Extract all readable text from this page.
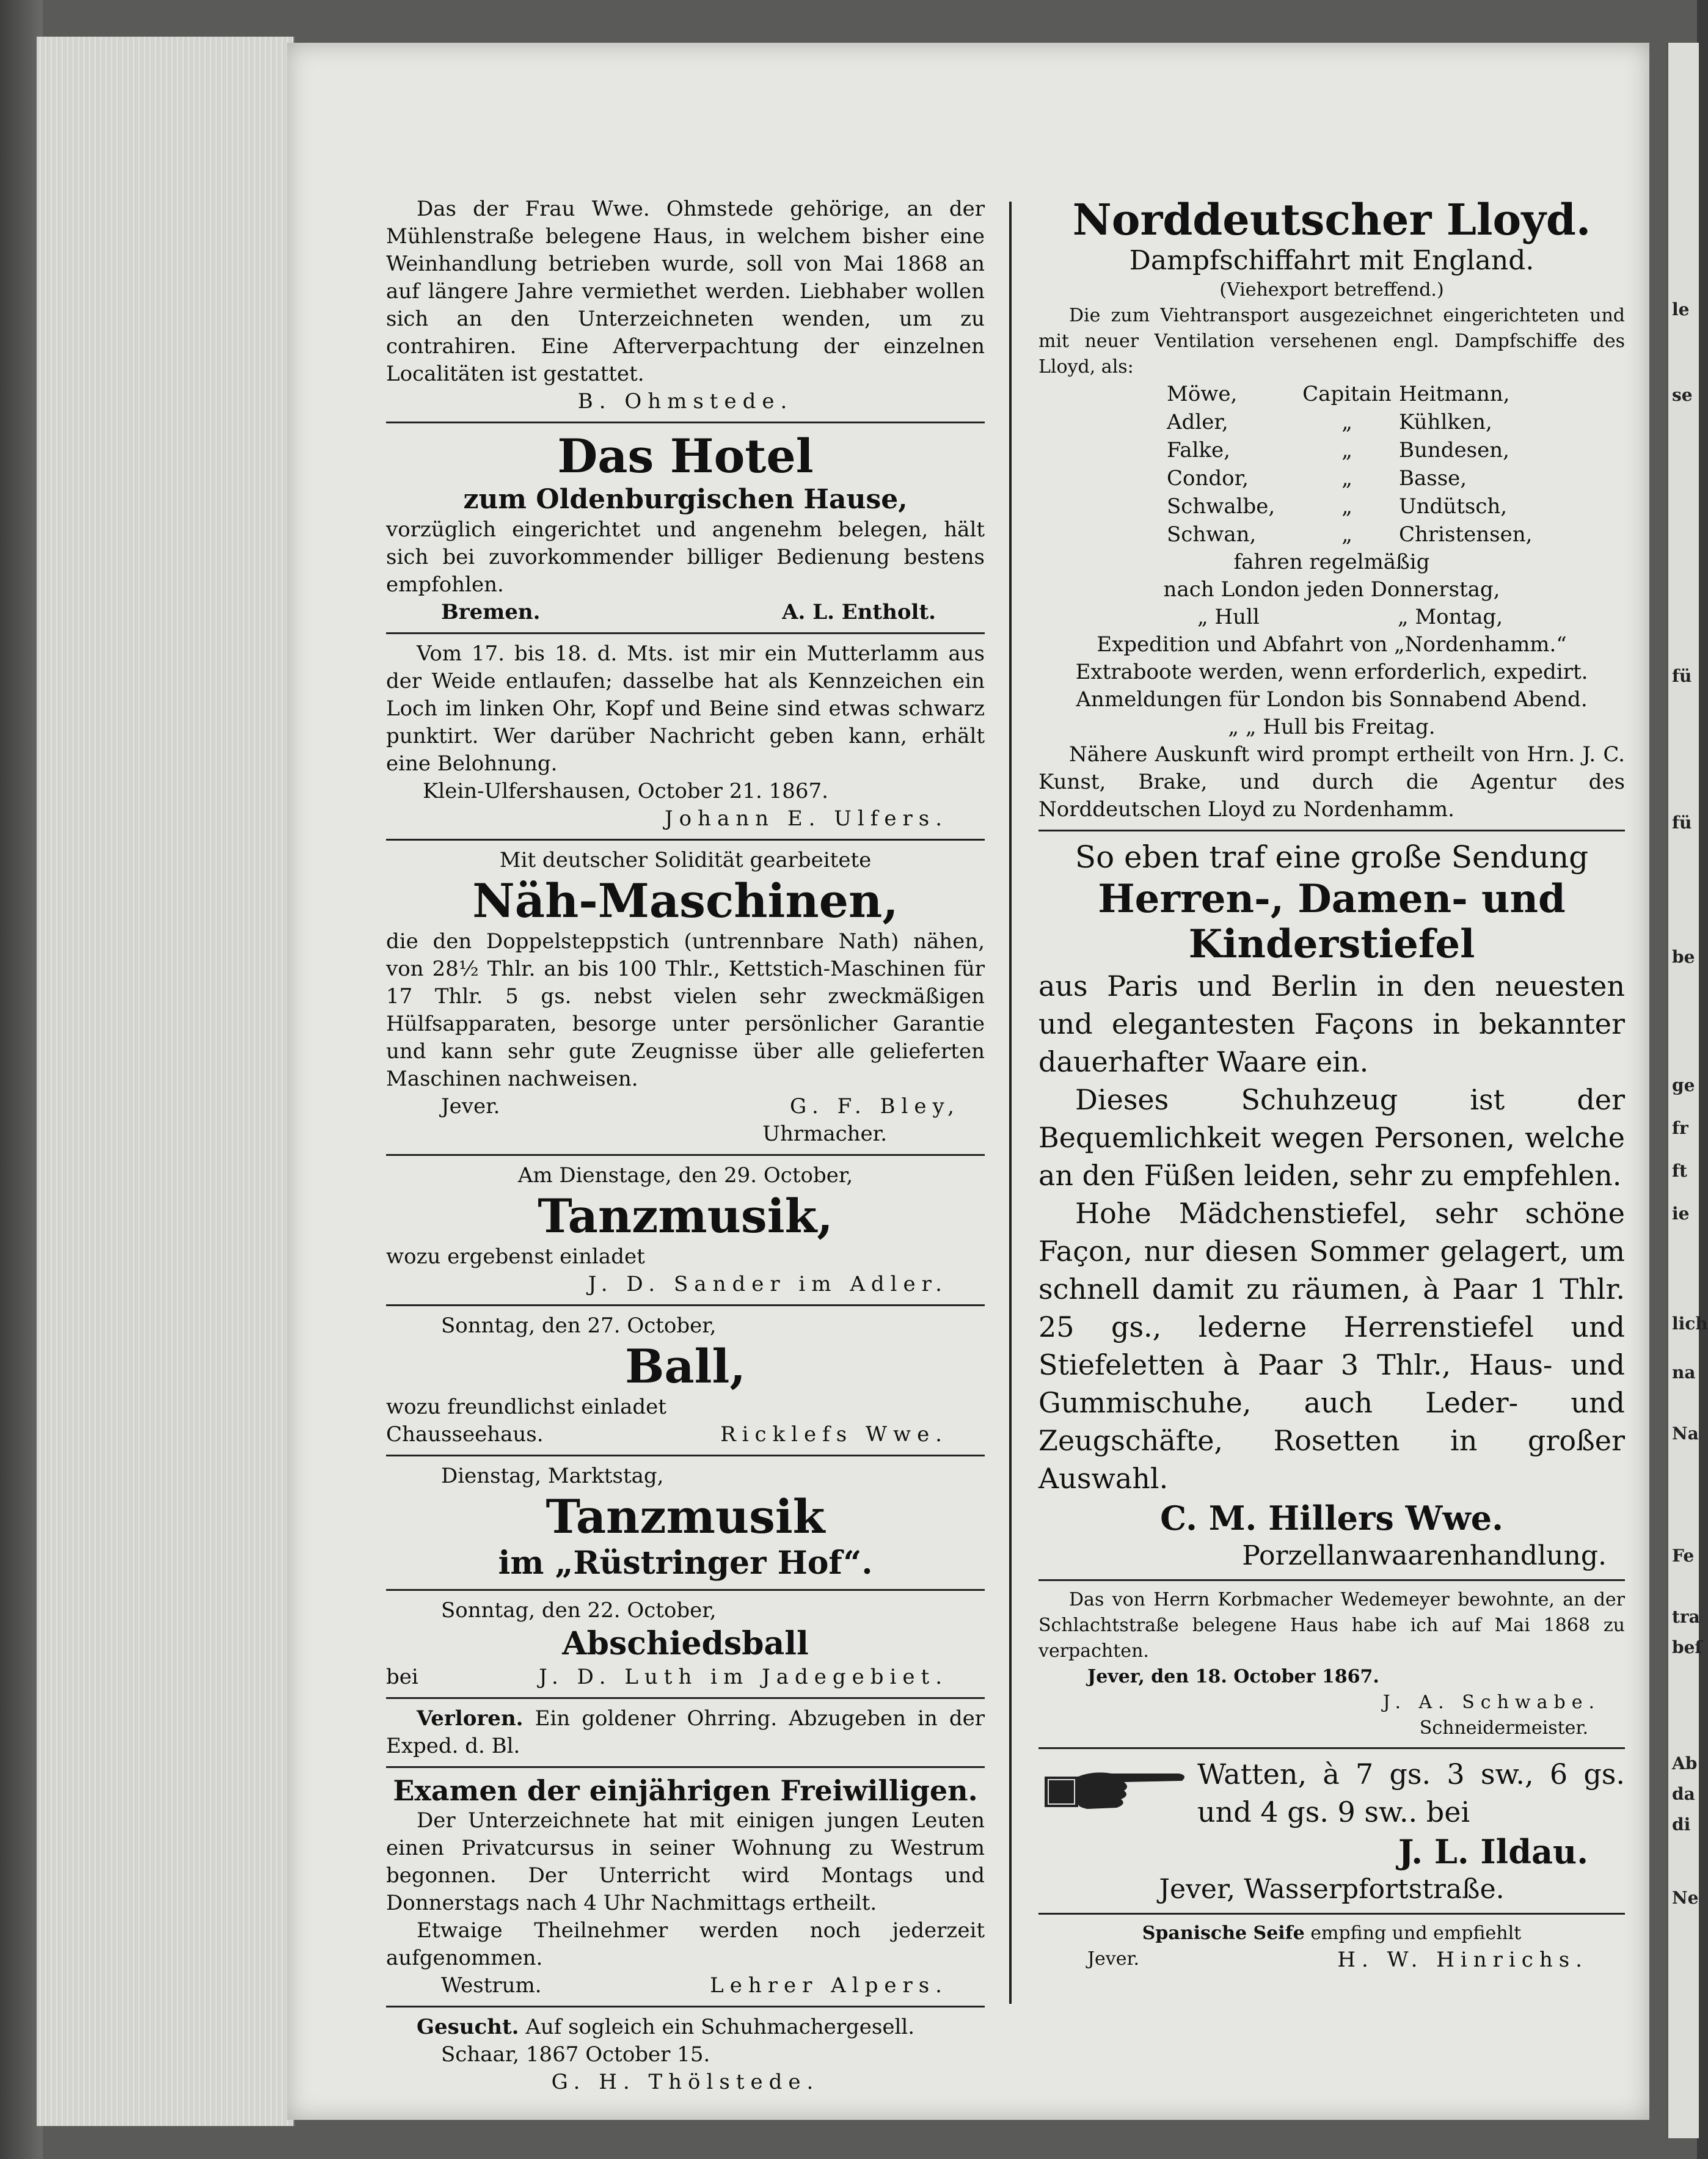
le
se
fü
fü
be
ge
fr
ft
ie
lich
na
Na
Fe
tra
beſ
Ab
da
di
Ne

Das der Frau Wwe. Ohmstede gehörige, an der Mühlenstraße belegene Haus, in welchem bisher eine Weinhandlung betrieben wurde, soll von Mai 1868 an auf längere Jahre vermiethet werden. Liebhaber wollen sich an den Unterzeichneten wenden, um zu contrahiren. Eine Afterverpachtung der einzelnen Localitäten ist gestattet.

B. Ohmstede.
Das Hotel
zum Oldenburgischen Hause,

vorzüglich eingerichtet und angenehm belegen, hält sich bei zuvorkommender billiger Bedienung bestens empfohlen.

Bremen.	A. L. Entholt.

Vom 17. bis 18. d. Mts. ist mir ein Mutterlamm aus der Weide entlaufen; dasselbe hat als Kennzeichen ein Loch im linken Ohr, Kopf und Beine sind etwas schwarz punktirt. Wer darüber Nachricht geben kann, erhält eine Belohnung.

Klein-Ulfershausen, October 21. 1867.
Johann E. Ulfers.
Mit deutscher Solidität gearbeitete
Näh-Maschinen,

die den Doppelsteppstich (untrennbare Nath) nähen, von 28½ Thlr. an bis 100 Thlr., Kettstich-Maschinen für 17 Thlr. 5 gs. nebst vielen sehr zweckmäßigen Hülfsapparaten, besorge unter persönlicher Garantie und kann sehr gute Zeugnisse über alle gelieferten Maschinen nachweisen.

Jever.	G. F. Bley,
Uhrmacher.
Am Dienstage, den 29. October,
Tanzmusik,
wozu ergebenst einladet
J. D. Sander im Adler.
Sonntag, den 27. October,
Ball,
wozu freundlichst einladet
Chausseehaus.	Ricklefs Wwe.
Dienstag, Marktstag,
Tanzmusik
im „Rüstringer Hof“.
Sonntag, den 22. October,
Abschiedsball
bei	J. D. Luth im Jadegebiet.

Verloren. Ein goldener Ohrring. Abzugeben in der Exped. d. Bl.

Examen der einjährigen Freiwilligen.

Der Unterzeichnete hat mit einigen jungen Leuten einen Privatcursus in seiner Wohnung zu Westrum begonnen. Der Unterricht wird Montags und Donnerstags nach 4 Uhr Nachmittags ertheilt.

Etwaige Theilnehmer werden noch jederzeit aufgenommen.

Westrum.	Lehrer Alpers.

Gesucht. Auf sogleich ein Schuhmachergesell.

Schaar, 1867 October 15.
G. H. Thölstede.
Norddeutscher Lloyd.
Dampfschiffahrt mit England.
(Viehexport betreffend.)

Die zum Viehtransport ausgezeichnet eingerichteten und mit neuer Ventilation versehenen engl. Dampfschiffe des Lloyd, als:

Möwe,	Capitain Heitmann,
Adler,	„	Kühlken,
Falke,	„	Bundesen,
Condor,	„	Basse,
Schwalbe,	„	Undütsch,
Schwan,	„	Christensen,
fahren regelmäßig
nach London jeden Donnerstag,
„ Hull	„ Montag,
Expedition und Abfahrt von „Nordenhamm.“
Extraboote werden, wenn erforderlich, expedirt.
Anmeldungen für London bis Sonnabend Abend.
„ „ Hull bis Freitag.

Nähere Auskunft wird prompt ertheilt von Hrn. J. C. Kunst, Brake, und durch die Agentur des Norddeutschen Lloyd zu Nordenhamm.

So eben traf eine große Sendung
Herren-, Damen- und
Kinderstiefel

aus Paris und Berlin in den neuesten und elegantesten Façons in bekannter dauerhafter Waare ein.

Dieses Schuhzeug ist der Bequemlichkeit wegen Personen, welche an den Füßen leiden, sehr zu empfehlen.

Hohe Mädchenstiefel, sehr schöne Façon, nur diesen Sommer gelagert, um schnell damit zu räumen, à Paar 1 Thlr. 25 gs., lederne Herrenstiefel und Stiefeletten à Paar 3 Thlr., Haus- und Gummischuhe, auch Leder- und Zeugschäfte, Rosetten in großer Auswahl.

C. M. Hillers Wwe.
Porzellanwaarenhandlung.

Das von Herrn Korbmacher Wedemeyer bewohnte, an der Schlachtstraße belegene Haus habe ich auf Mai 1868 zu verpachten.

Jever, den 18. October 1867.
J. A. Schwabe.
Schneidermeister.

Watten, à 7 gs. 3 sw., 6 gs. und 4 gs. 9 sw.. bei

J. L. Ildau.
Jever, Wasserpfortstraße.
Spanische Seife empfing und empfiehlt
Jever.	H. W. Hinrichs.
